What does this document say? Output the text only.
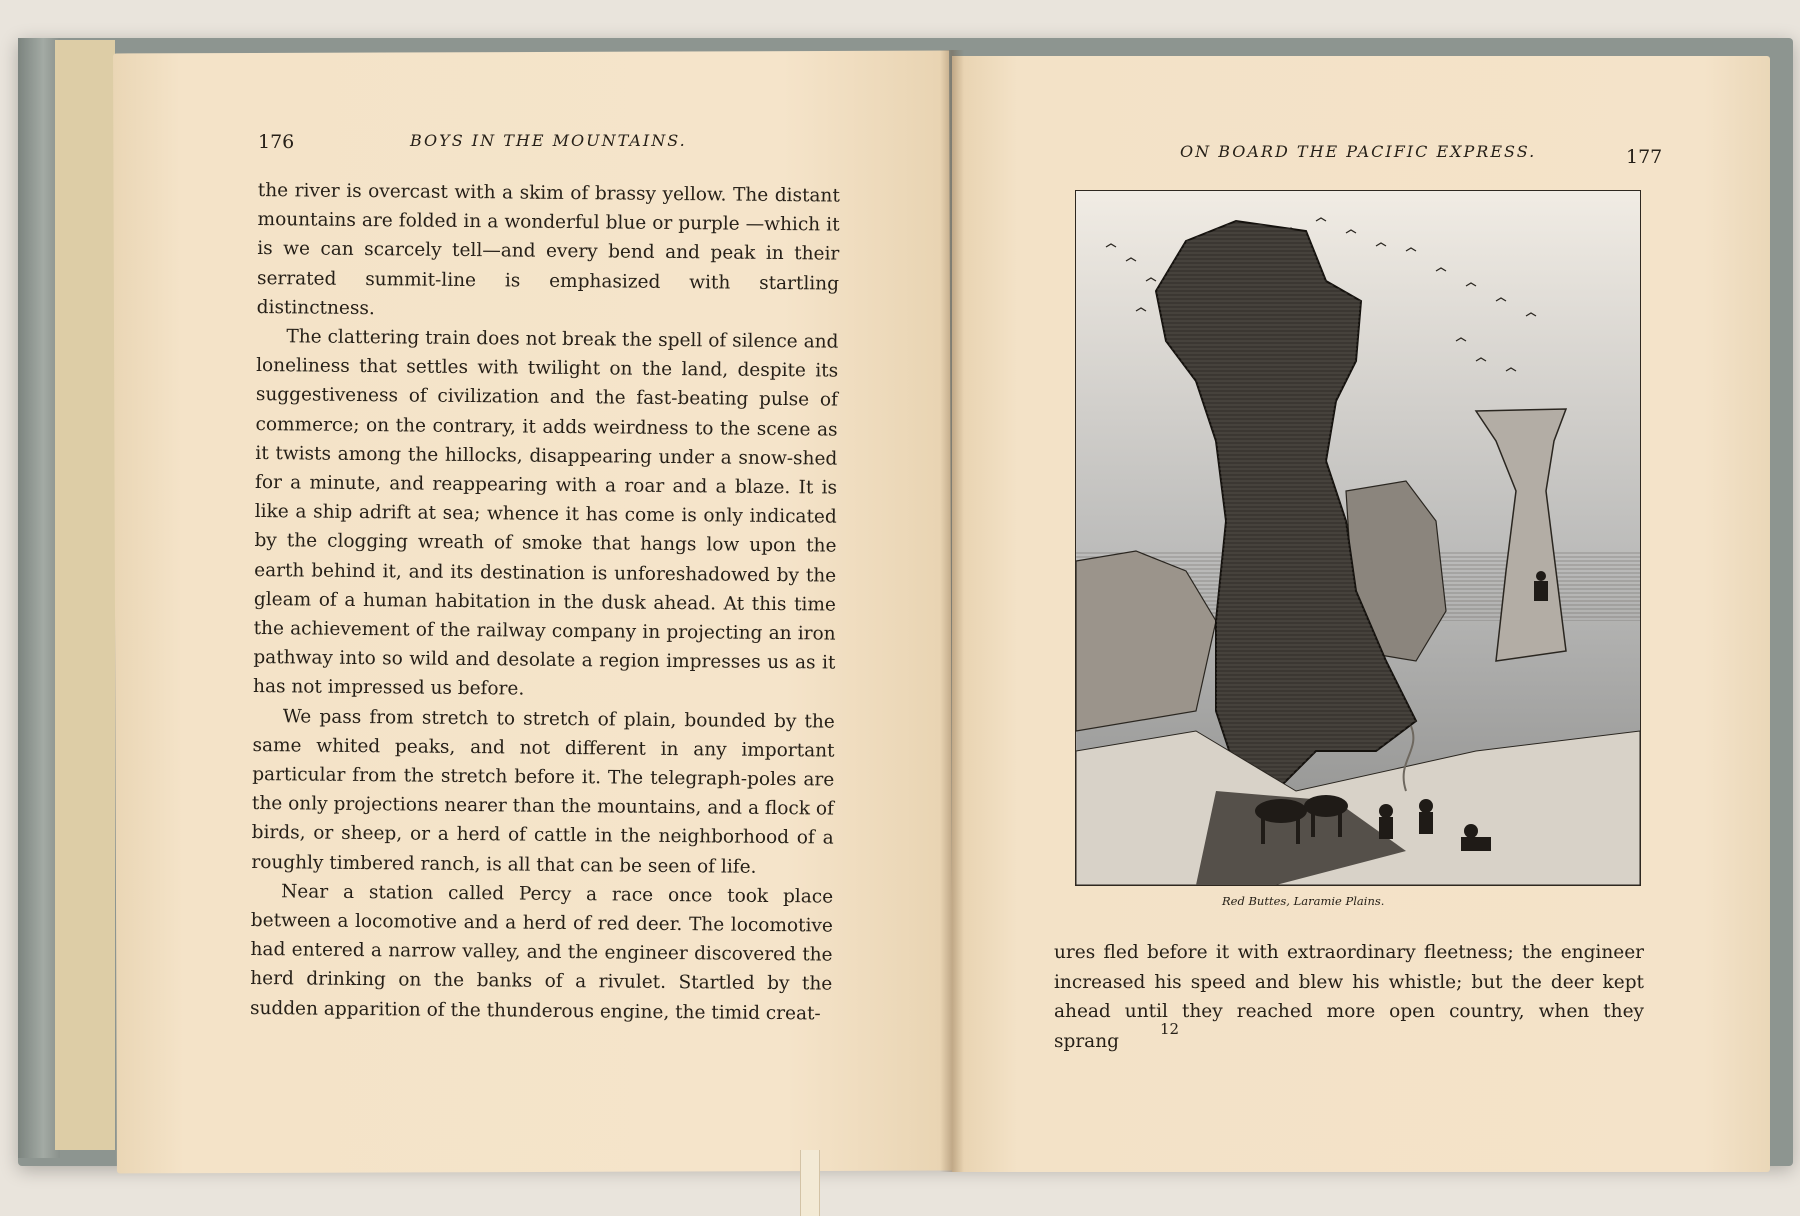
176	BOYS IN THE MOUNTAINS.

the river is overcast with a skim of brassy yellow. The distant mountains are folded in a wonderful blue or purple —which it is we can scarcely tell—and every bend and peak in their serrated summit-line is emphasized with startling distinctness.

The clattering train does not break the spell of silence and loneliness that settles with twilight on the land, despite its suggestiveness of civilization and the fast-beating pulse of commerce; on the contrary, it adds weirdness to the scene as it twists among the hillocks, disappearing under a snow-shed for a minute, and reappearing with a roar and a blaze. It is like a ship adrift at sea; whence it has come is only indicated by the clogging wreath of smoke that hangs low upon the earth behind it, and its destination is unforeshadowed by the gleam of a human habitation in the dusk ahead. At this time the achievement of the railway company in projecting an iron pathway into so wild and desolate a region impresses us as it has not impressed us before.

We pass from stretch to stretch of plain, bounded by the same whited peaks, and not different in any important particular from the stretch before it. The telegraph-poles are the only projections nearer than the mountains, and a flock of birds, or sheep, or a herd of cattle in the neighborhood of a roughly timbered ranch, is all that can be seen of life.

Near a station called Percy a race once took place between a locomotive and a herd of red deer. The locomotive had entered a narrow valley, and the engineer discovered the herd drinking on the banks of a rivulet. Startled by the sudden apparition of the thunderous engine, the timid creat-

ON BOARD THE PACIFIC EXPRESS.	177
Red Buttes, Laramie Plains.

ures fled before it with extraordinary fleetness; the engineer increased his speed and blew his whistle; but the deer kept ahead until they reached more open country, when they sprang

12
